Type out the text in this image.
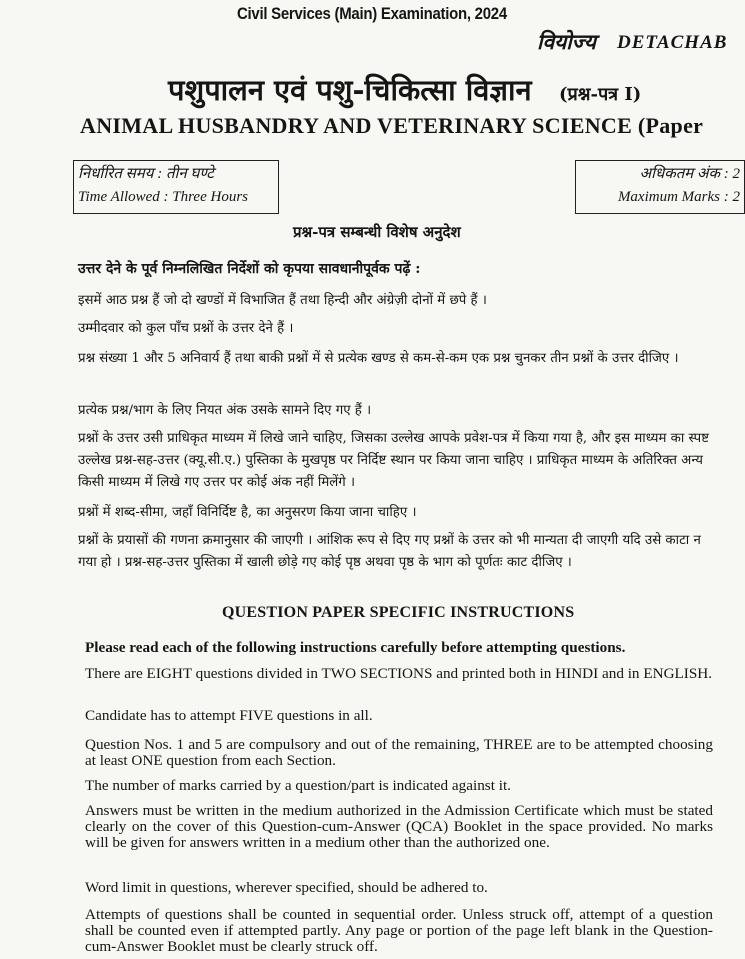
Civil Services (Main) Examination, 2024
वियोज्य DETACHAB
पशुपालन एवं पशु-चिकित्सा विज्ञान (प्रश्न-पत्र I)
ANIMAL HUSBANDRY AND VETERINARY SCIENCE (Paper
निर्धारित समय : तीन घण्टे
Time Allowed : Three Hours
अधिकतम अंक : 2
Maximum Marks : 2
प्रश्न-पत्र सम्बन्धी विशेष अनुदेश
उत्तर देने के पूर्व निम्नलिखित निर्देशों को कृपया सावधानीपूर्वक पढ़ें :
इसमें आठ प्रश्न हैं जो दो खण्डों में विभाजित हैं तथा हिन्दी और अंग्रेज़ी दोनों में छपे हैं ।
उम्मीदवार को कुल पाँच प्रश्नों के उत्तर देने हैं ।
प्रश्न संख्या 1 और 5 अनिवार्य हैं तथा बाकी प्रश्नों में से प्रत्येक खण्ड से कम-से-कम एक प्रश्न चुनकर तीन प्रश्नों के उत्तर दीजिए ।
प्रत्येक प्रश्न/भाग के लिए नियत अंक उसके सामने दिए गए हैं ।
प्रश्नों के उत्तर उसी प्राधिकृत माध्यम में लिखे जाने चाहिए, जिसका उल्लेख आपके प्रवेश-पत्र में किया गया है, और इस माध्यम का स्पष्ट उल्लेख प्रश्न-सह-उत्तर (क्यू.सी.ए.) पुस्तिका के मुखपृष्ठ पर निर्दिष्ट स्थान पर किया जाना चाहिए । प्राधिकृत माध्यम के अतिरिक्त अन्य किसी माध्यम में लिखे गए उत्तर पर कोई अंक नहीं मिलेंगे ।
प्रश्नों में शब्द-सीमा, जहाँ विनिर्दिष्ट है, का अनुसरण किया जाना चाहिए ।
प्रश्नों के प्रयासों की गणना क्रमानुसार की जाएगी । आंशिक रूप से दिए गए प्रश्नों के उत्तर को भी मान्यता दी जाएगी यदि उसे काटा न गया हो । प्रश्न-सह-उत्तर पुस्तिका में खाली छोड़े गए कोई पृष्ठ अथवा पृष्ठ के भाग को पूर्णतः काट दीजिए ।
QUESTION PAPER SPECIFIC INSTRUCTIONS
Please read each of the following instructions carefully before attempting questions.
There are EIGHT questions divided in TWO SECTIONS and printed both in HINDI and in ENGLISH.
Candidate has to attempt FIVE questions in all.
Question Nos. 1 and 5 are compulsory and out of the remaining, THREE are to be attempted choosing at least ONE question from each Section.
The number of marks carried by a question/part is indicated against it.
Answers must be written in the medium authorized in the Admission Certificate which must be stated clearly on the cover of this Question-cum-Answer (QCA) Booklet in the space provided. No marks will be given for answers written in a medium other than the authorized one.
Word limit in questions, wherever specified, should be adhered to.
Attempts of questions shall be counted in sequential order. Unless struck off, attempt of a question shall be counted even if attempted partly. Any page or portion of the page left blank in the Question-cum-Answer Booklet must be clearly struck off.
